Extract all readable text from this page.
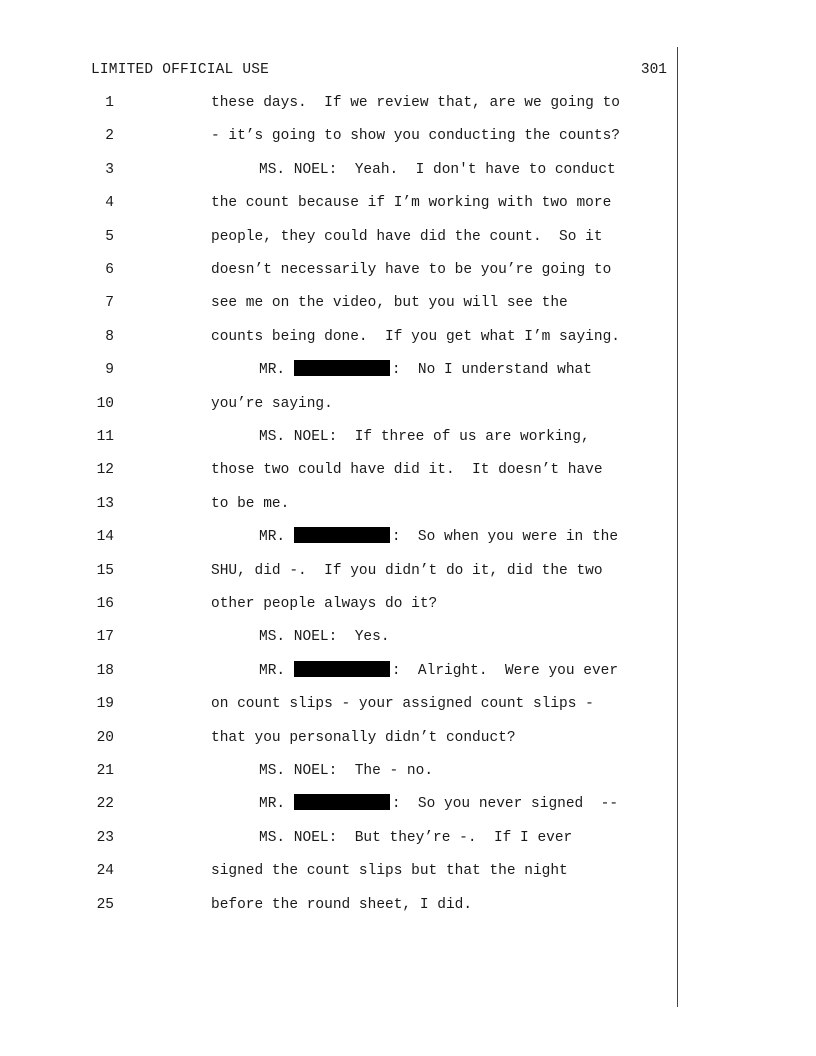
LIMITED OFFICIAL USE	301
1	these days.  If we review that, are we going to
2	- it’s going to show you conducting the counts?
3	MS. NOEL:  Yeah.  I don't have to conduct
4	the count because if I’m working with two more
5	people, they could have did the count.  So it
6	doesn’t necessarily have to be you’re going to
7	see me on the video, but you will see the
8	counts being done.  If you get what I’m saying.
9	MR.	:  No I understand what
10	you’re saying.
11	MS. NOEL:  If three of us are working,
12	those two could have did it.  It doesn’t have
13	to be me.
14	MR.	:  So when you were in the
15	SHU, did -.  If you didn’t do it, did the two
16	other people always do it?
17	MS. NOEL:  Yes.
18	MR.	:  Alright.  Were you ever
19	on count slips - your assigned count slips -
20	that you personally didn’t conduct?
21	MS. NOEL:  The - no.
22	MR.	:  So you never signed  --
23	MS. NOEL:  But they’re -.  If I ever
24	signed the count slips but that the night
25	before the round sheet, I did.
